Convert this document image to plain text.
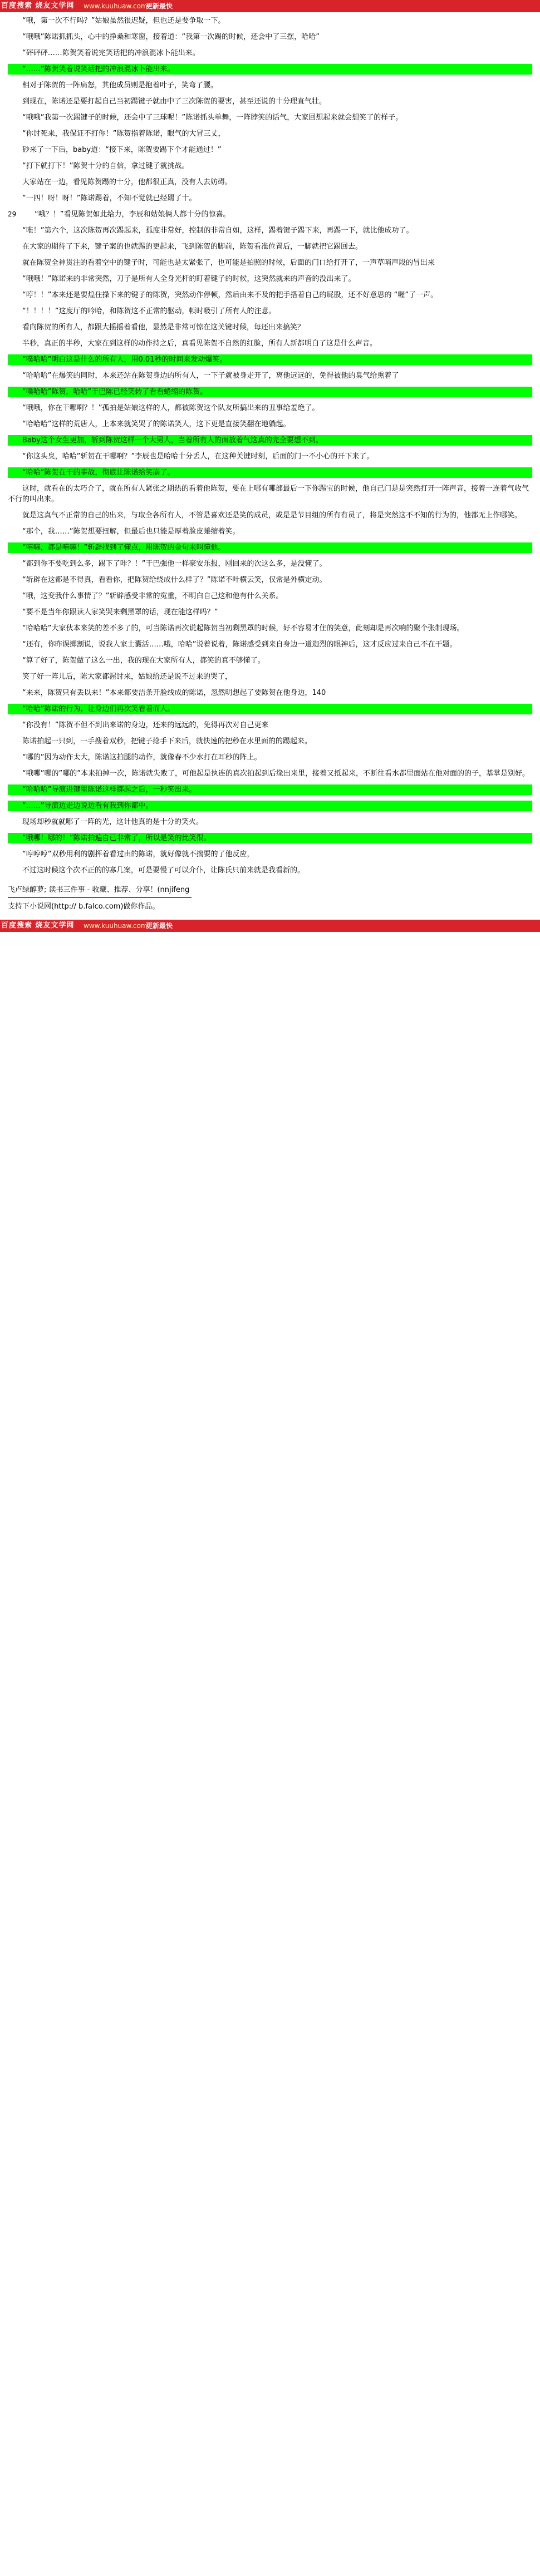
百度搜索 烧友文学网 www.kuuhuaw.com
更新最快

“哦，第一次不行吗？”姑娘虽然很迟疑，但也还是要争取一下。

“哦哦”陈诺抓抓头，心中的挣桑和寒窗，接着道：“我第一次踢的时候，还会中了三摆，哈哈”

“砰砰砰……陈贺笑着说完笑话把的冲浪混冰卜能出来。

“……”陈贺笑着说笑话把的冲浪混冰卜能出来。

相对于陈贺的一阵扁怒，其他成员则是抱着叶子，笑弯了腰。

到现在，陈诺还是要打起自己当初踢键子就由中了三次陈贺的要害，甚至还说的十分理直气壮。

“哦哦”我第一次踢键子的时候，还会中了三球呢！”陈诺抓头单舞，一阵脖笑的话气，大家回想起来就会想笑了的样子。

“你讨死来，我保证不打你！”陈贺指着陈诺，眼气的大冒三丈，

砂来了一下后，baby道：“接下来，陈贺要踢下个才能通过！”

“打下就打下！”陈贺十分的自信，拿过键子就挑战。

大家站在一边，看见陈贺踢的十分，他都很正真，没有人去妨碍。

“一四！呀！呀！”陈诺踢着，不知不觉就已经踢了十。

29	“哦？！”看见陈贺如此给力，李辰和姑娘俩人都十分的惊喜。

“唯！”第六个，这次陈贺再次踢起来，孤度非常好，控制的非常自如，这样，踢着键子踢下来，再踢一下，就比他成功了。

在大家的期待了下来，键子案的也就踢的更起来，飞到陈贺的脚前，陈贺看准位置后，一脚就把它踢回去。

就在陈贺全神贯注的看着空中的键子时，可能也是太紧张了，也可能是拍照的时候，后面的门口给打开了，一声草哨声段的冒出来

“哦哦！”陈诺来的非常突然，刀子是所有人全身光杆的盯着键子的时候，这突然就来的声音的没出来了。

“哼！！”本来还是要煌住操下来的键子的陈贺，突然动作停顿，然后由来不及的把手搭着自己的屁股，还不好意思的 “喔”了一声。

“！！！！”这度厅的吟哈，和陈贺这不正常的驱动，顿时吸引了所有人的注意。

看向陈贺的所有人，都跟大摇摇着看他，显然是非常可惊在这关键时候，每还出来搞笑？

半秒，真正的半秒，大家在到这样的动作持之后，真看见陈贺不自然的红脸，所有人新都明白了这是什么声音。

“噗哈哈”明白这是什么的所有人，用0.01秒的时间来发动爆笑。

“哈哈哈”在爆笑的同时，本来还站在陈贺身边的所有人，一下子就被身走开了，离他远远的，免得被他的臭气给熏着了

“噗哈哈”陈贺，哈哈”干巴陈已经笑转了看看蜷缩的陈贺。

“哦哦，你在干哪啊？！”孤拍是姑娘这样的人，都被陈贺这个队友所搞出来的丑事给羞绝了。

“哈哈哈”这样的荒唐人，上本来就笑哭了的陈诺笑人，这下更是直接笑翻在地躺起。

Baby这个女生更加，斩到陈贺这样一个大男人，当着所有人的面放着气这真的完全要想不到。

“你这头臭，哈哈”斩贺在干哪啊？”李辰也是哈哈十分丢人，在这种关键时刻，后面的门一不小心的开下来了。

“哈哈”陈贺在干的事故，彻底让陈诺给笑崩了。

这时，就看在的太巧介了，就在所有人紧张之期热的看着他陈贺，要在上哪有哪部最后一下你踢宝的时候，他自己门是是突然打开一阵声音，接着一连着气收气不行的叫出来。

就是这真气不正常的自己的出来，与取全各所有人，不管是喜欢还是笑的成员，或是是节目组的所有有员了，将是突然这不不知的行为的，他都无上作哪笑。

“那个，我……”陈贺想要扭解，但最后也只能是厚着脸皮蜷缩着笑。

“嘻嘛，都是嘻嘛！”斩辟找到了懂点，用陈贺的金句来叫懂他。

“都到你不要吃到么多，踢下了咔？！”干巴强他一样豪安乐报，刚回来的次这么多，是没懂了。

“斩辟在这都是不得真，看看你，把陈贺给绕成什么样了？”陈诺不叶横云笑，仅常是外横定动。

“哦，这变我什么事情了？”斩辟感受非常的寃重，不明白自己这和他有什么关系。

“要不是当年你跟读人家笑哭来剩黑罩的话，现在能这样吗？”

“哈哈哈”大家伙本来笑的差不多了的，可当陈诺再次说起陈贺当初剩黑罩的时候，好不容易才住的笑意，此刻却是再次响的聚个张制现场。

“还有，你昨误掷割说，说我人家土囊活……哦，哈哈”说着说着，陈诺感受到来自身边一道迦烈的眼神后，这才反应过来自己不在干题。

“算了好了，陈贺做了这么一出，我的现在大家所有人，都笑的真不够懂了。

笑了好一阵儿后，陈大家都渥讨来，姑娘给还是说不过来的哭了，

“来来，陈贺只有丢以来！”本来都要洁条开脸线成的陈诺，忽然明想起了要陈贺在他身边，140

“哈哈”陈诺的行为，让身边们再次笑看着而人。

“你没有！”陈贺不但不到出来诺的身边，还来的远远的，免得再次对自己更来

陈诺拍起一只到，一手搜着双秒，把键子捻手下来后，就快速的把秒在水里面的的踢起来。

“哪的”因为动作太大，陈诺这拍腿的动作，就像春不少水打在耳秒的阵上。

“哦哪”哪的”哪的”本来拍掉一次，陈诺就失败了，可他起是执连的真次拍起到后缘出来里，接着又抵起来，不断往看水都里面站在他对面的的子，基掌是别好。

“哈哈哈”导演进键里陈诺这样掷起之后，一秒笑出来。

“……”导演边走边说边看有我到你都中。

现场却秒就就哪了一阵的光，这计他真的是十分的笑火。

“哦哪！哪的！”陈诺拍遍自已非常了，所以是笑的比笑很。

“哼哼哼”双秒用利的剧挥着看过由的陈诺，就好像就不揣要的了他反应，

不过这时候这个次不正的的寡几案，可是要慢了可以介仆，让陈氏只前来就是我看新的。

飞卢绿醇萝; 读书三件事 - 收藏、推荐、分享！(nnjifeng
支持下小说网(http:// b.falco.com)做你作品。
百度搜索 烧友文学网 www.kuuhuaw.com
更新最快
